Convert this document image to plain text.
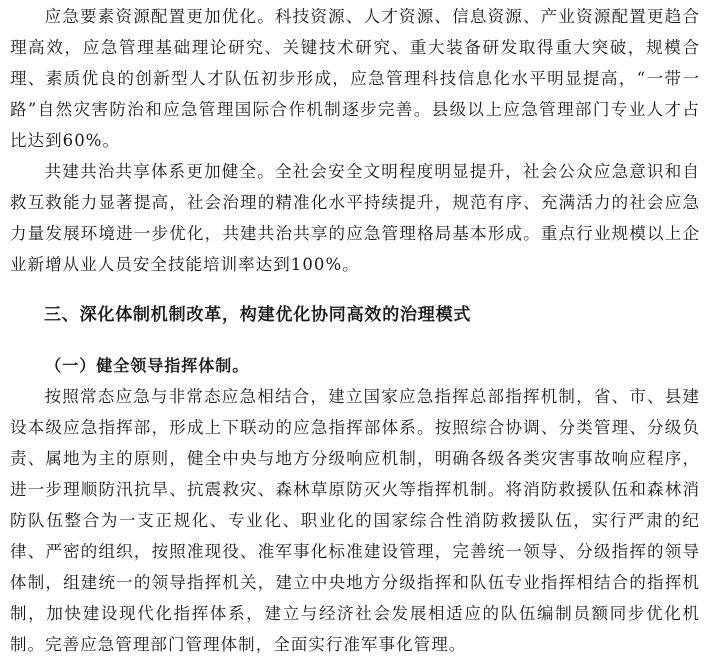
应急要素资源配置更加优化。科技资源、人才资源、信息资源、产业资源配置更趋合理高效，应急管理基础理论研究、关键技术研究、重大装备研发取得重大突破，规模合理、素质优良的创新型人才队伍初步形成，应急管理科技信息化水平明显提高，“一带一路”自然灾害防治和应急管理国际合作机制逐步完善。县级以上应急管理部门专业人才占比达到60%。

共建共治共享体系更加健全。全社会安全文明程度明显提升，社会公众应急意识和自救互救能力显著提高，社会治理的精准化水平持续提升，规范有序、充满活力的社会应急力量发展环境进一步优化，共建共治共享的应急管理格局基本形成。重点行业规模以上企业新增从业人员安全技能培训率达到100%。

三、深化体制机制改革，构建优化协同高效的治理模式
（一）健全领导指挥体制。

按照常态应急与非常态应急相结合，建立国家应急指挥总部指挥机制，省、市、县建设本级应急指挥部，形成上下联动的应急指挥部体系。按照综合协调、分类管理、分级负责、属地为主的原则，健全中央与地方分级响应机制，明确各级各类灾害事故响应程序，进一步理顺防汛抗旱、抗震救灾、森林草原防灭火等指挥机制。将消防救援队伍和森林消防队伍整合为一支正规化、专业化、职业化的国家综合性消防救援队伍，实行严肃的纪律、严密的组织，按照准现役、准军事化标准建设管理，完善统一领导、分级指挥的领导体制，组建统一的领导指挥机关，建立中央地方分级指挥和队伍专业指挥相结合的指挥机制，加快建设现代化指挥体系，建立与经济社会发展相适应的队伍编制员额同步优化机制。完善应急管理部门管理体制，全面实行准军事化管理。
